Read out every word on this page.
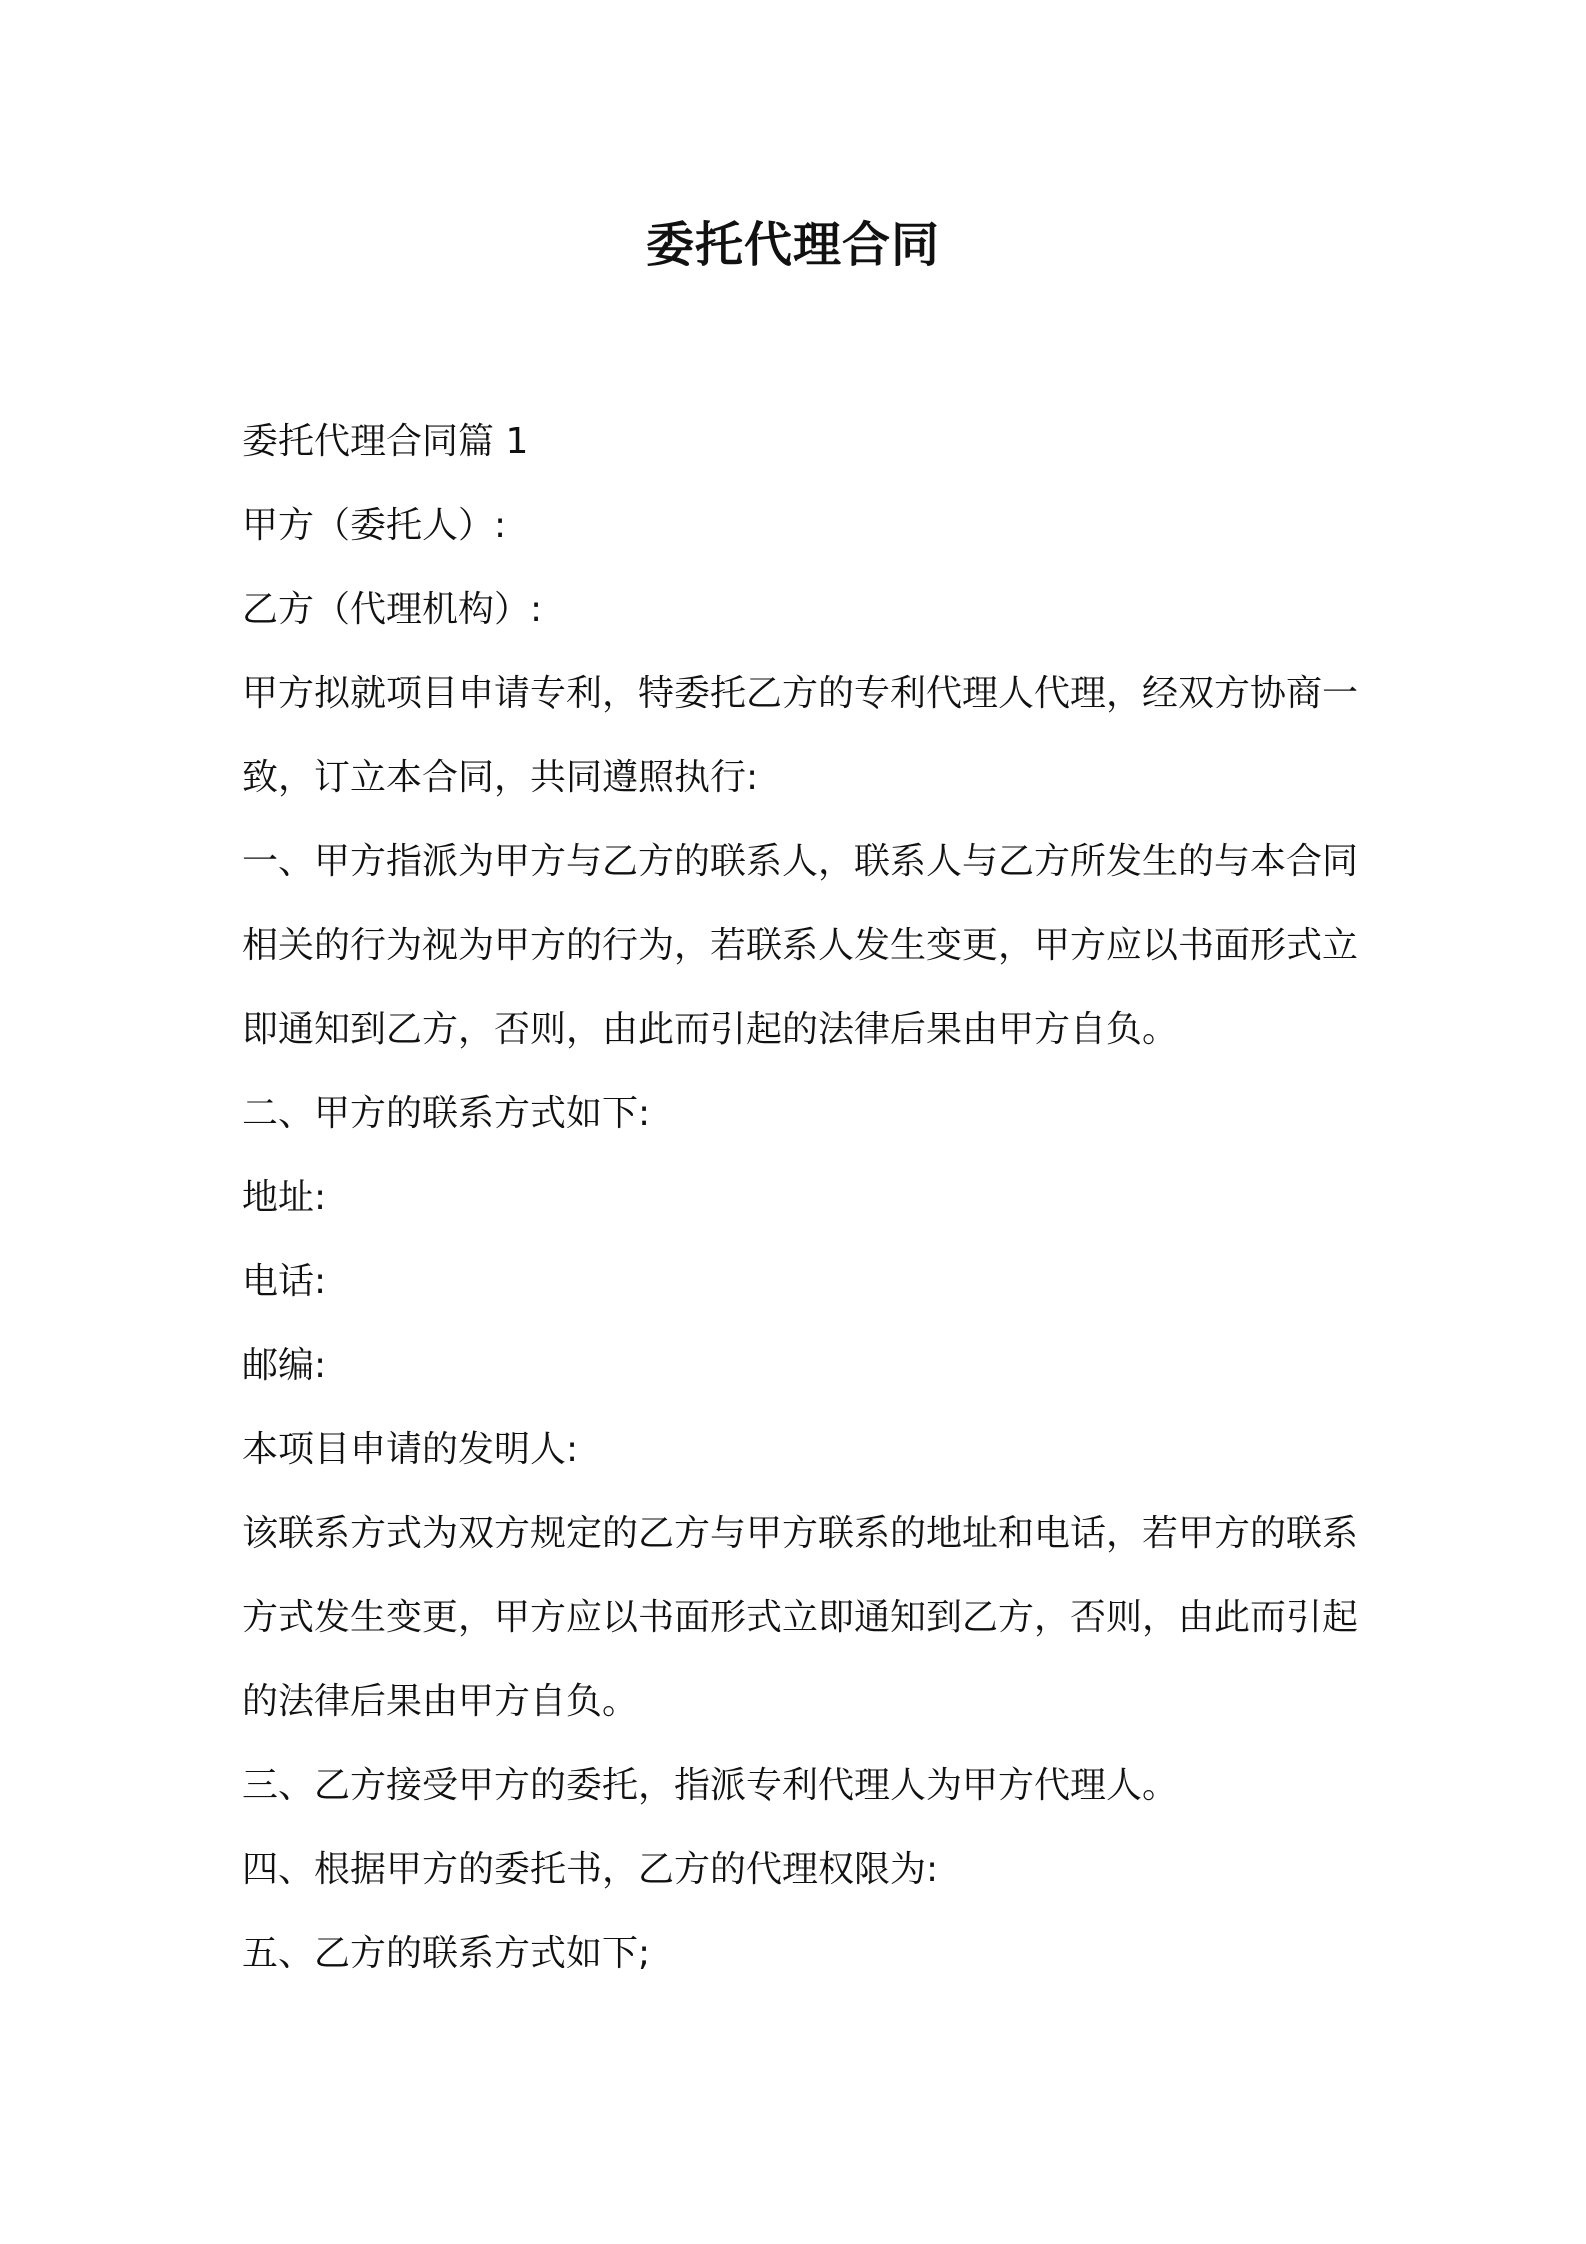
委托代理合同

委托代理合同篇 1

甲方（委托人）:

乙方（代理机构）:

甲方拟就项目申请专利，特委托乙方的专利代理人代理，经双方协商一致，订立本合同，共同遵照执行:

一、甲方指派为甲方与乙方的联系人，联系人与乙方所发生的与本合同相关的行为视为甲方的行为，若联系人发生变更，甲方应以书面形式立即通知到乙方，否则，由此而引起的法律后果由甲方自负。

二、甲方的联系方式如下:

地址:

电话:

邮编:

本项目申请的发明人:

该联系方式为双方规定的乙方与甲方联系的地址和电话，若甲方的联系方式发生变更，甲方应以书面形式立即通知到乙方，否则，由此而引起的法律后果由甲方自负。

三、乙方接受甲方的委托，指派专利代理人为甲方代理人。

四、根据甲方的委托书，乙方的代理权限为:

五、乙方的联系方式如下;
